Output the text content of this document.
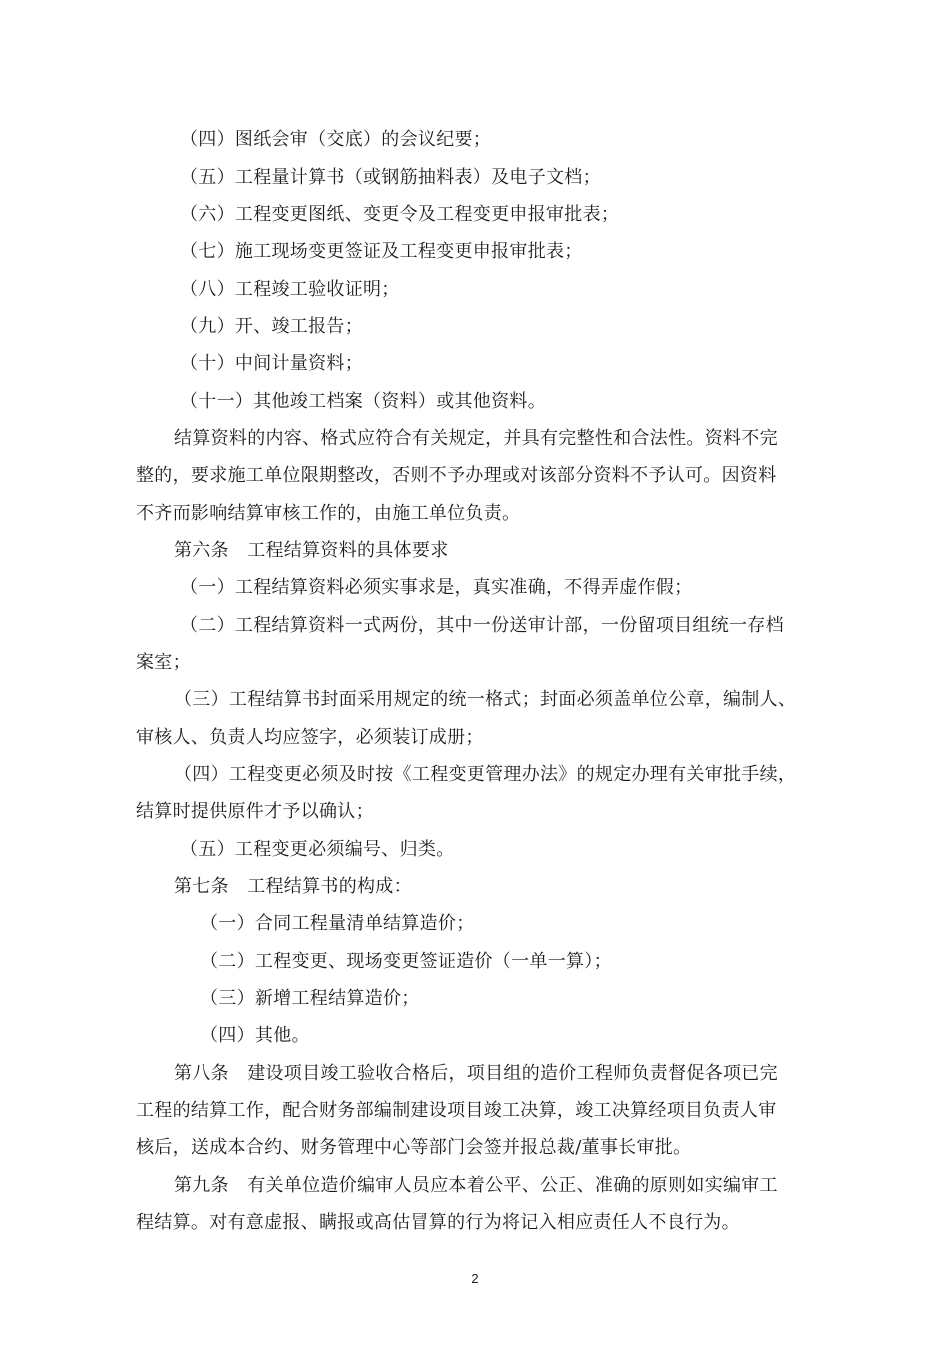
（四）图纸会审（交底）的会议纪要；
（五）工程量计算书（或钢筋抽料表）及电子文档；
（六）工程变更图纸、变更令及工程变更申报审批表；
（七）施工现场变更签证及工程变更申报审批表；
（八）工程竣工验收证明；
（九）开、竣工报告；
（十）中间计量资料；
（十一）其他竣工档案（资料）或其他资料。
结算资料的内容、格式应符合有关规定，并具有完整性和合法性。资料不完
整的，要求施工单位限期整改，否则不予办理或对该部分资料不予认可。因资料
不齐而影响结算审核工作的，由施工单位负责。
第六条　工程结算资料的具体要求
（一）工程结算资料必须实事求是，真实准确，不得弄虚作假；
（二）工程结算资料一式两份，其中一份送审计部，一份留项目组统一存档
案室；
（三）工程结算书封面采用规定的统一格式；封面必须盖单位公章，编制人、
审核人、负责人均应签字，必须装订成册；
（四）工程变更必须及时按《工程变更管理办法》的规定办理有关审批手续，
结算时提供原件才予以确认；
（五）工程变更必须编号、归类。
第七条　工程结算书的构成：
（一）合同工程量清单结算造价；
（二）工程变更、现场变更签证造价（一单一算）；
（三）新增工程结算造价；
（四）其他。
第八条　建设项目竣工验收合格后，项目组的造价工程师负责督促各项已完
工程的结算工作，配合财务部编制建设项目竣工决算，竣工决算经项目负责人审
核后，送成本合约、财务管理中心等部门会签并报总裁/董事长审批。
第九条　有关单位造价编审人员应本着公平、公正、准确的原则如实编审工
程结算。对有意虚报、瞒报或高估冒算的行为将记入相应责任人不良行为。
2
